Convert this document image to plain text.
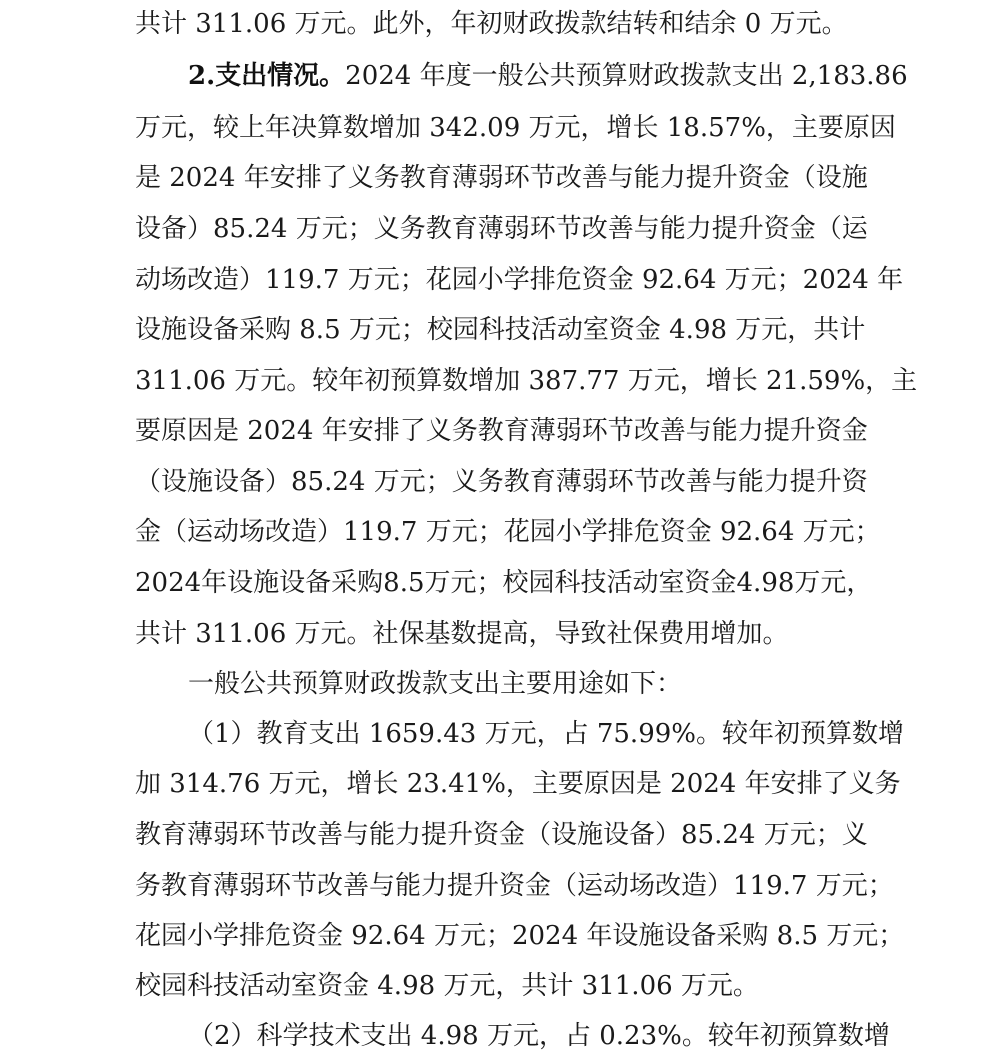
共计 311.06 万元。此外，年初财政拨款结转和结余 0 万元。
2.支出情况。2024 年度一般公共预算财政拨款支出 2,183.86
万元，较上年决算数增加 342.09 万元，增长 18.57%，主要原因
是 2024 年安排了义务教育薄弱环节改善与能力提升资金（设施
设备）85.24 万元；义务教育薄弱环节改善与能力提升资金（运
动场改造）119.7 万元；花园小学排危资金 92.64 万元；2024 年
设施设备采购 8.5 万元；校园科技活动室资金 4.98 万元，共计
311.06 万元。较年初预算数增加 387.77 万元，增长 21.59%，主
要原因是 2024 年安排了义务教育薄弱环节改善与能力提升资金
（设施设备）85.24 万元；义务教育薄弱环节改善与能力提升资
金（运动场改造）119.7 万元；花园小学排危资金 92.64 万元；
2024年设施设备采购8.5万元；校园科技活动室资金4.98万元，
共计 311.06 万元。社保基数提高，导致社保费用增加。
一般公共预算财政拨款支出主要用途如下：
（1）教育支出 1659.43 万元，占 75.99%。较年初预算数增
加 314.76 万元，增长 23.41%，主要原因是 2024 年安排了义务
教育薄弱环节改善与能力提升资金（设施设备）85.24 万元；义
务教育薄弱环节改善与能力提升资金（运动场改造）119.7 万元；
花园小学排危资金 92.64 万元；2024 年设施设备采购 8.5 万元；
校园科技活动室资金 4.98 万元，共计 311.06 万元。
（2）科学技术支出 4.98 万元，占 0.23%。较年初预算数增
